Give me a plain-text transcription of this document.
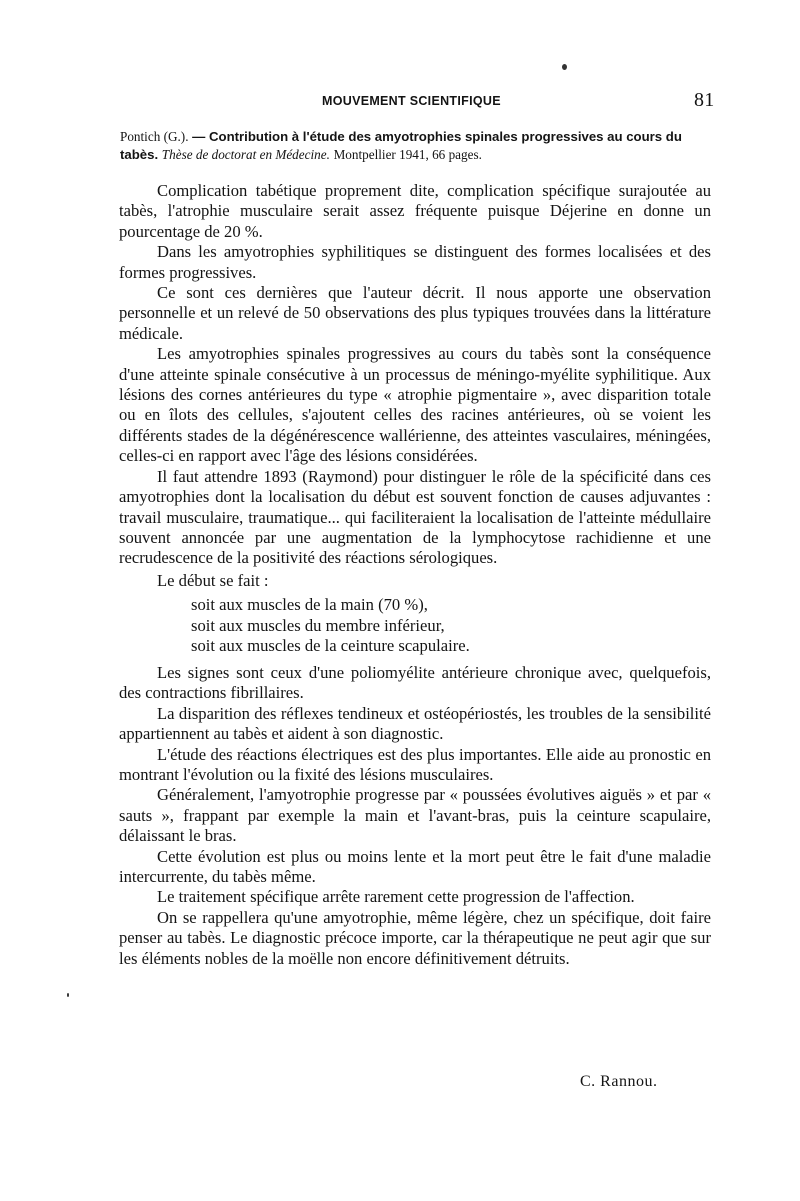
MOUVEMENT SCIENTIFIQUE	81
Pontich (G.). — Contribution à l'étude des amyotrophies spinales progressives au cours du tabès. Thèse de doctorat en Médecine. Montpellier 1941, 66 pages.

Complication tabétique proprement dite, complication spécifique surajoutée au tabès, l'atrophie musculaire serait assez fréquente puisque Déjerine en donne un pourcentage de 20 %.

Dans les amyotrophies syphilitiques se distinguent des formes localisées et des formes progressives.

Ce sont ces dernières que l'auteur décrit. Il nous apporte une observation personnelle et un relevé de 50 observations des plus typiques trouvées dans la littérature médicale.

Les amyotrophies spinales progressives au cours du tabès sont la conséquence d'une atteinte spinale consécutive à un processus de méningo-myélite syphilitique. Aux lésions des cornes antérieures du type « atrophie pigmentaire », avec disparition totale ou en îlots des cellules, s'ajoutent celles des racines antérieures, où se voient les différents stades de la dégénérescence wallérienne, des atteintes vasculaires, méningées, celles-ci en rapport avec l'âge des lésions considérées.

Il faut attendre 1893 (Raymond) pour distinguer le rôle de la spécificité dans ces amyotrophies dont la localisation du début est souvent fonction de causes adjuvantes : travail musculaire, traumatique... qui faciliteraient la localisation de l'atteinte médullaire souvent annoncée par une augmentation de la lymphocytose rachidienne et une recrudescence de la positivité des réactions sérologiques.

Le début se fait :

soit aux muscles de la main (70 %),
soit aux muscles du membre inférieur,
soit aux muscles de la ceinture scapulaire.

Les signes sont ceux d'une poliomyélite antérieure chronique avec, quelquefois, des contractions fibrillaires.

La disparition des réflexes tendineux et ostéopériostés, les troubles de la sensibilité appartiennent au tabès et aident à son diagnostic.

L'étude des réactions électriques est des plus importantes. Elle aide au pronostic en montrant l'évolution ou la fixité des lésions musculaires.

Généralement, l'amyotrophie progresse par « poussées évolutives aiguës » et par « sauts », frappant par exemple la main et l'avant-bras, puis la ceinture scapulaire, délaissant le bras.

Cette évolution est plus ou moins lente et la mort peut être le fait d'une maladie intercurrente, du tabès même.

Le traitement spécifique arrête rarement cette progression de l'affection.

On se rappellera qu'une amyotrophie, même légère, chez un spécifique, doit faire penser au tabès. Le diagnostic précoce importe, car la thérapeutique ne peut agir que sur les éléments nobles de la moëlle non encore définitivement détruits.

C. Rannou.
